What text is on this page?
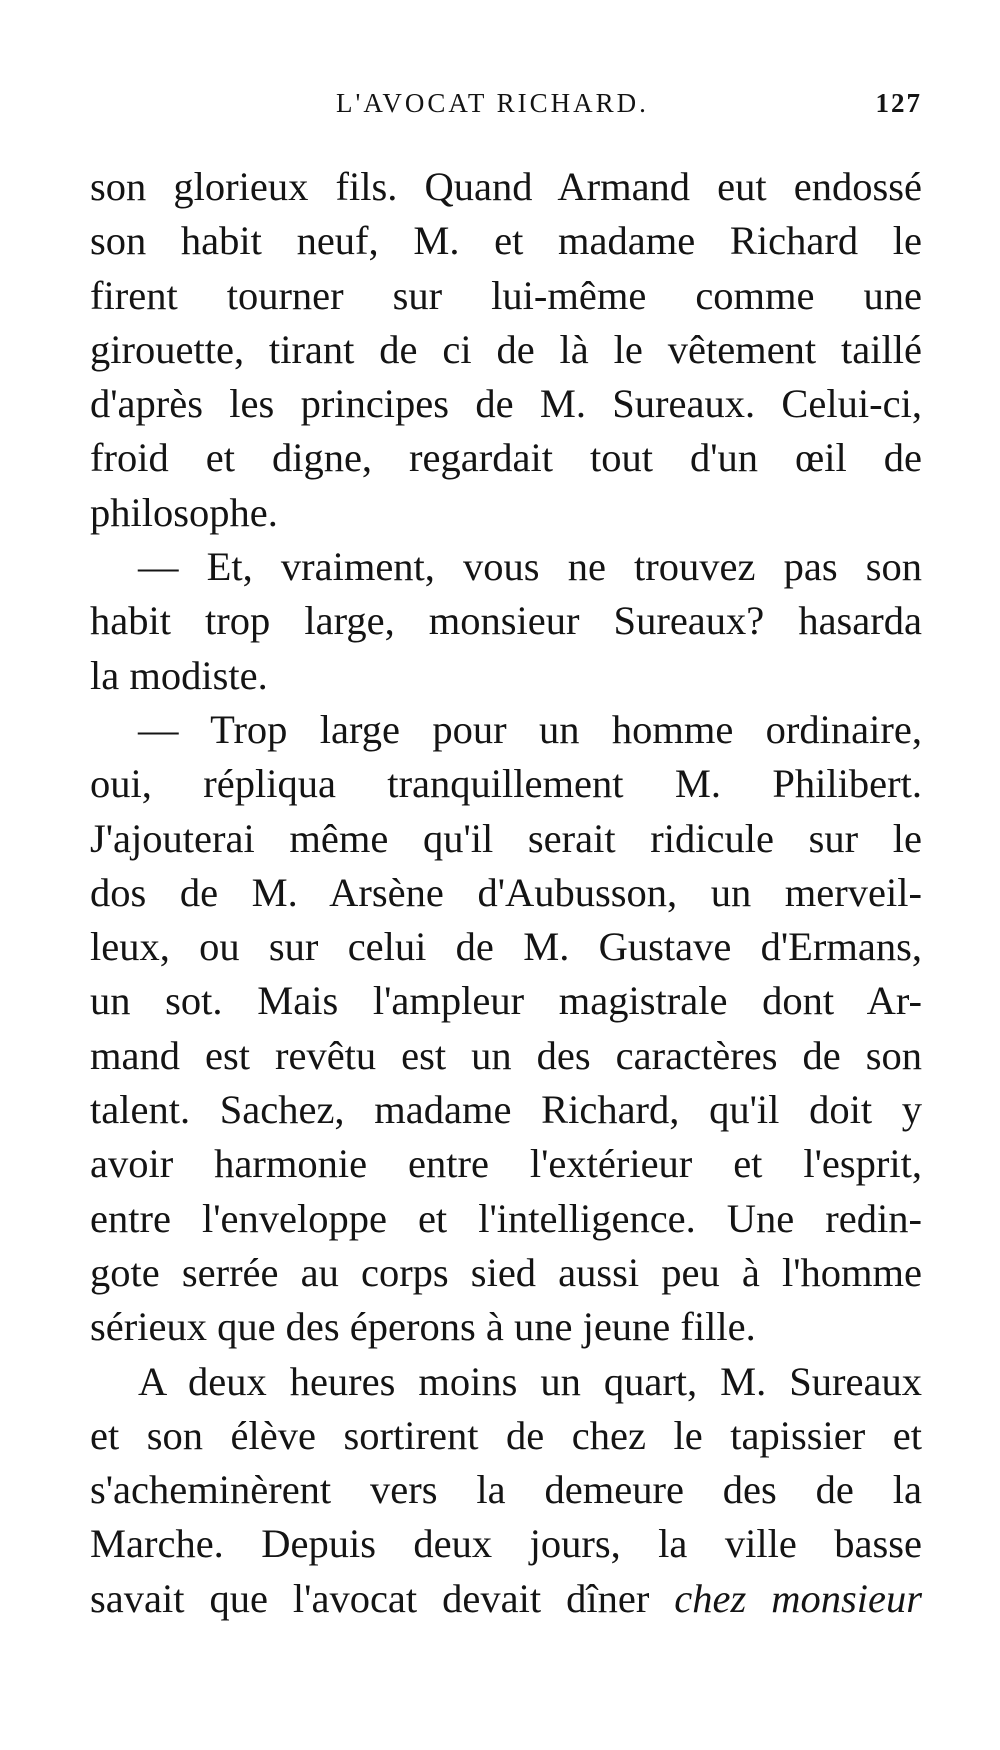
L'AVOCAT RICHARD.	127
son glorieux fils. Quand Armand eut endossé
son habit neuf, M. et madame Richard le
firent tourner sur lui-même comme une
girouette, tirant de ci de là le vêtement taillé
d'après les principes de M. Sureaux. Celui-ci,
froid et digne, regardait tout d'un œil de
philosophe.
— Et, vraiment, vous ne trouvez pas son
habit trop large, monsieur Sureaux? hasarda
la modiste.
— Trop large pour un homme ordinaire,
oui, répliqua tranquillement M. Philibert.
J'ajouterai même qu'il serait ridicule sur le
dos de M. Arsène d'Aubusson, un merveil-
leux, ou sur celui de M. Gustave d'Ermans,
un sot. Mais l'ampleur magistrale dont Ar-
mand est revêtu est un des caractères de son
talent. Sachez, madame Richard, qu'il doit y
avoir harmonie entre l'extérieur et l'esprit,
entre l'enveloppe et l'intelligence. Une redin-
gote serrée au corps sied aussi peu à l'homme
sérieux que des éperons à une jeune fille.
A deux heures moins un quart, M. Sureaux
et son élève sortirent de chez le tapissier et
s'acheminèrent vers la demeure des de la
Marche. Depuis deux jours, la ville basse
savait que l'avocat devait dîner chez monsieur
